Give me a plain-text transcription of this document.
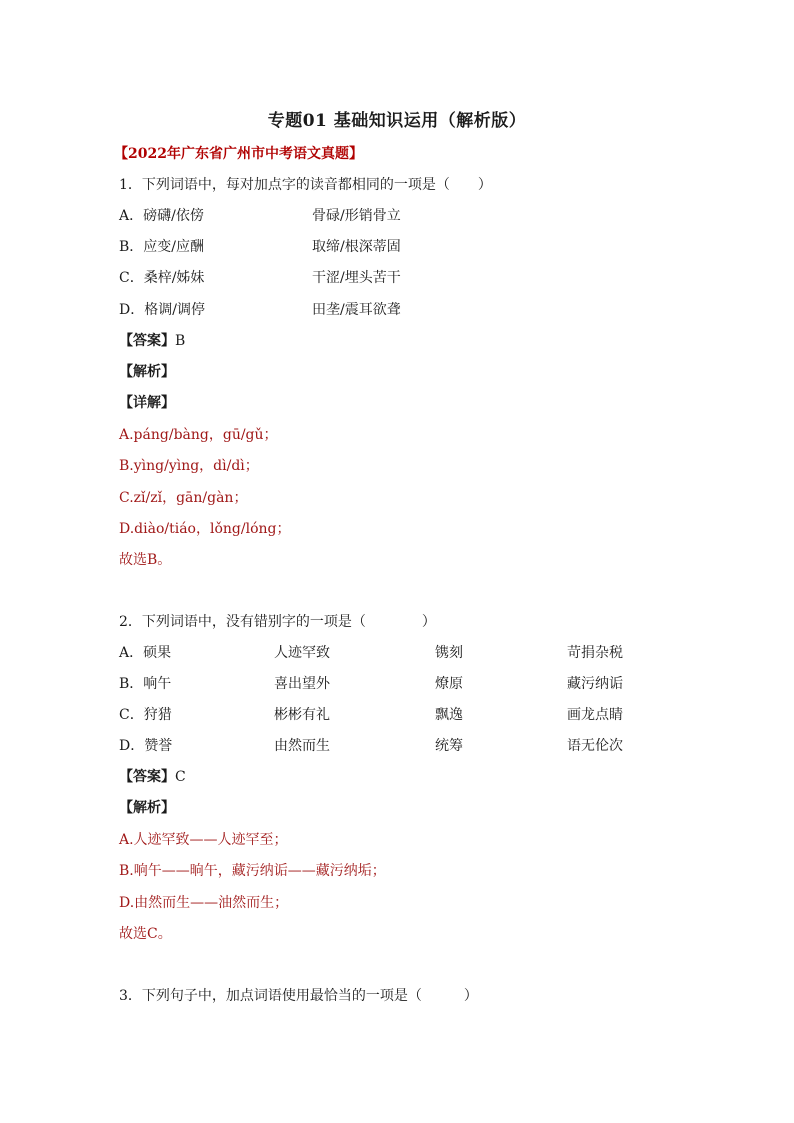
专题01 基础知识运用（解析版）
【2022年广东省广州市中考语文真题】
1．下列词语中，每对加点字的读音都相同的一项是（　　）
A．磅礴/依傍	骨碌/形销骨立
B．应变/应酬	取缔/根深蒂固
C．桑梓/姊妹	干涩/埋头苦干
D．格调/调停	田垄/震耳欲聋
【答案】B
【解析】
【详解】
A.páng/bàng，gū/gǔ；
B.yìng/yìng，dì/dì；
C.zǐ/zǐ，gān/gàn；
D.diào/tiáo，lǒng/lóng；
故选B。
2．下列词语中，没有错别字的一项是（　　　　）
A．硕果	人迹罕致	镌刻	苛捐杂税
B．响午	喜出望外	燎原	藏污纳诟
C．狩猎	彬彬有礼	飘逸	画龙点睛
D．赞誉	由然而生	统筹	语无伦次
【答案】C
【解析】
A.人迹罕致——人迹罕至；
B.响午——晌午，藏污纳诟——藏污纳垢；
D.由然而生——油然而生；
故选C。
3．下列句子中，加点词语使用最恰当的一项是（　　　）
